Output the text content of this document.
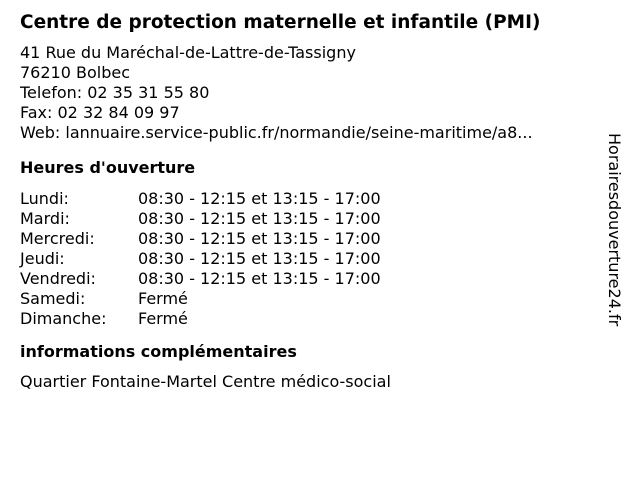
Centre de protection maternelle et infantile (PMI)
41 Rue du Maréchal-de-Lattre-de-Tassigny
76210 Bolbec
Telefon: 02 35 31 55 80
Fax: 02 32 84 09 97
Web: lannuaire.service-public.fr/normandie/seine-maritime/a8...
Heures d'ouverture
Lundi:	08:30 - 12:15 et 13:15 - 17:00
Mardi:	08:30 - 12:15 et 13:15 - 17:00
Mercredi:	08:30 - 12:15 et 13:15 - 17:00
Jeudi:	08:30 - 12:15 et 13:15 - 17:00
Vendredi:	08:30 - 12:15 et 13:15 - 17:00
Samedi:	Fermé
Dimanche:	Fermé
informations complémentaires
Quartier Fontaine-Martel Centre médico-social
Horairesdouverture24.fr
